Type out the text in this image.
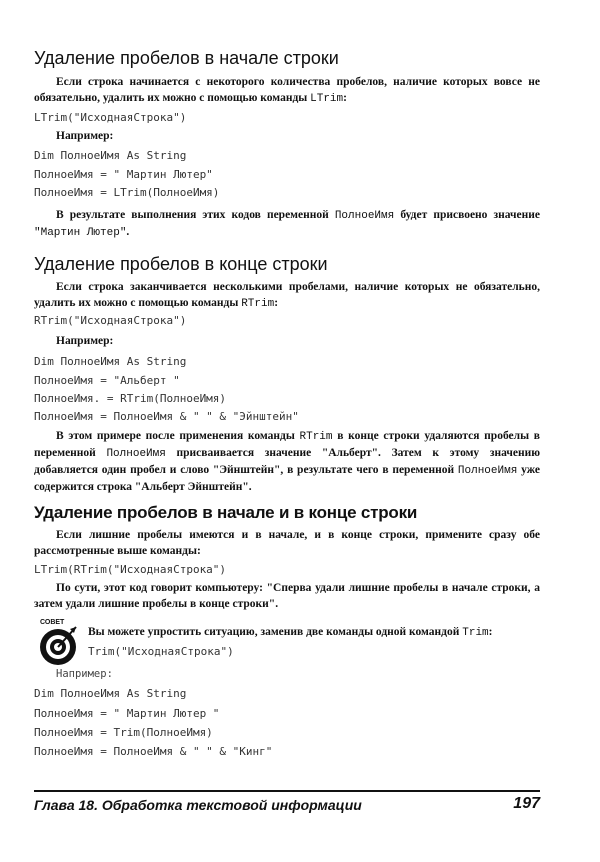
Удаление пробелов в начале строки

Если строка начинается с некоторого количества пробелов, наличие которых вовсе не обязательно, удалить их можно с помощью команды LTrim:

LTrim("ИсходнаяСтрока")
Например:
Dim ПолноеИмя As String
ПолноеИмя = " Мартин Лютер"
ПолноеИмя = LTrim(ПолноеИмя)

В результате выполнения этих кодов переменной ПолноеИмя будет присвоено значение "Мартин Лютер".

Удаление пробелов в конце строки

Если строка заканчивается несколькими пробелами, наличие которых не обязательно, удалить их можно с помощью команды RTrim:

RTrim("ИсходнаяСтрока")
Например:
Dim ПолноеИмя As String
ПолноеИмя = "Альберт "
ПолноеИмя. = RTrim(ПолноеИмя)
ПолноеИмя = ПолноеИмя & " " & "Эйнштейн"

В этом примере после применения команды RTrim в конце строки удаляются пробелы в переменной ПолноеИмя присваивается значение "Альберт". Затем к этому значению добавляется один пробел и слово "Эйнштейн", в результате чего в переменной ПолноеИмя уже содержится строка "Альберт Эйнштейн".

Удаление пробелов в начале и в конце строки

Если лишние пробелы имеются и в начале, и в конце строки, примените сразу обе рассмотренные выше команды:

LTrim(RTrim("ИсходнаяСтрока")

По сути, этот код говорит компьютеру: "Сперва удали лишние пробелы в начале строки, а затем удали лишние пробелы в конце строки".

СОВЕТ

Вы можете упростить ситуацию, заменив две команды одной командой Trim:

Trim("ИсходнаяСтрока")
Например:
Dim ПолноеИмя As String
ПолноеИмя = " Мартин Лютер "
ПолноеИмя = Trim(ПолноеИмя)
ПолноеИмя = ПолноеИмя & " " & "Кинг"
Глава 18. Обработка текстовой информации	197
